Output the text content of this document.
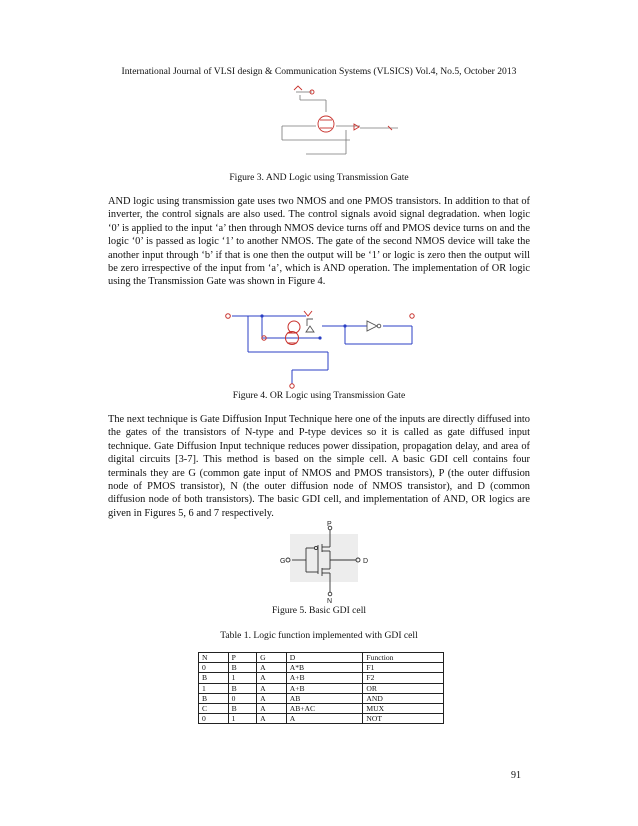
International Journal of VLSI design & Communication Systems (VLSICS) Vol.4, No.5, October 2013
Figure 3. AND Logic using Transmission Gate

AND logic using transmission gate uses two NMOS and one PMOS transistors. In addition to that of inverter, the control signals are also used. The control signals avoid signal degradation. when logic ‘0’ is applied to the input ‘a’ then through NMOS device turns off and PMOS device turns on and the logic ‘0’ is passed as logic ‘1’ to another NMOS. The gate of the second NMOS device will take the another input through ‘b’ if that is one then the output will be ‘1’ or logic is zero then the output will be zero irrespective of the input from ‘a’, which is AND operation. The implementation of OR logic using the Transmission Gate was shown in Figure 4.

Figure 4. OR Logic using Transmission Gate

The next technique is Gate Diffusion Input Technique here one of the inputs are directly diffused into the gates of the transistors of N-type and P-type devices so it is called as gate diffused input technique. Gate Diffusion Input technique reduces power dissipation, propagation delay, and area of digital circuits [3-7]. This method is based on the simple cell. A basic GDI cell contains four terminals they are G (common gate input of NMOS and PMOS transistors), P (the outer diffusion node of PMOS transistor), N (the outer diffusion node of NMOS transistor), and D (common diffusion node of both transistors). The basic GDI cell, and implementation of AND, OR logics are given in Figures 5, 6 and 7 respectively.

P
G	D
N
Figure 5. Basic GDI cell
Table 1. Logic function implemented with GDI cell
N	P	G	D	Function
0	B	A	A*B	F1
B	1	A	A+B	F2
1	B	A	A+B	OR
B	0	A	AB	AND
C	B	A	AB+AC	MUX
0	1	A	A	NOT
91
